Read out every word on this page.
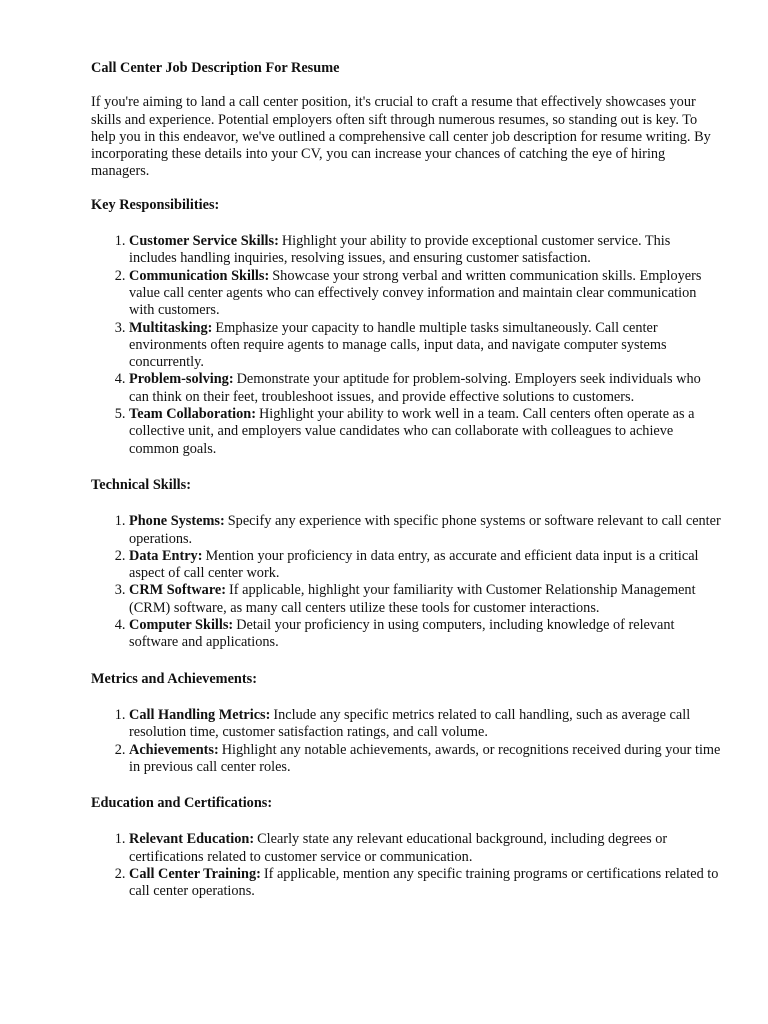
Call Center Job Description For Resume
If you're aiming to land a call center position, it's crucial to craft a resume that effectively showcases your skills and experience. Potential employers often sift through numerous resumes, so standing out is key. To help you in this endeavor, we've outlined a comprehensive call center job description for resume writing. By incorporating these details into your CV, you can increase your chances of catching the eye of hiring managers.
Key Responsibilities:
1. Customer Service Skills: Highlight your ability to provide exceptional customer service. This includes handling inquiries, resolving issues, and ensuring customer satisfaction.
2. Communication Skills: Showcase your strong verbal and written communication skills. Employers value call center agents who can effectively convey information and maintain clear communication with customers.
3. Multitasking: Emphasize your capacity to handle multiple tasks simultaneously. Call center environments often require agents to manage calls, input data, and navigate computer systems concurrently.
4. Problem-solving: Demonstrate your aptitude for problem-solving. Employers seek individuals who can think on their feet, troubleshoot issues, and provide effective solutions to customers.
5. Team Collaboration: Highlight your ability to work well in a team. Call centers often operate as a collective unit, and employers value candidates who can collaborate with colleagues to achieve common goals.
Technical Skills:
1. Phone Systems: Specify any experience with specific phone systems or software relevant to call center operations.
2. Data Entry: Mention your proficiency in data entry, as accurate and efficient data input is a critical aspect of call center work.
3. CRM Software: If applicable, highlight your familiarity with Customer Relationship Management (CRM) software, as many call centers utilize these tools for customer interactions.
4. Computer Skills: Detail your proficiency in using computers, including knowledge of relevant software and applications.
Metrics and Achievements:
1. Call Handling Metrics: Include any specific metrics related to call handling, such as average call resolution time, customer satisfaction ratings, and call volume.
2. Achievements: Highlight any notable achievements, awards, or recognitions received during your time in previous call center roles.
Education and Certifications:
1. Relevant Education: Clearly state any relevant educational background, including degrees or certifications related to customer service or communication.
2. Call Center Training: If applicable, mention any specific training programs or certifications related to call center operations.
